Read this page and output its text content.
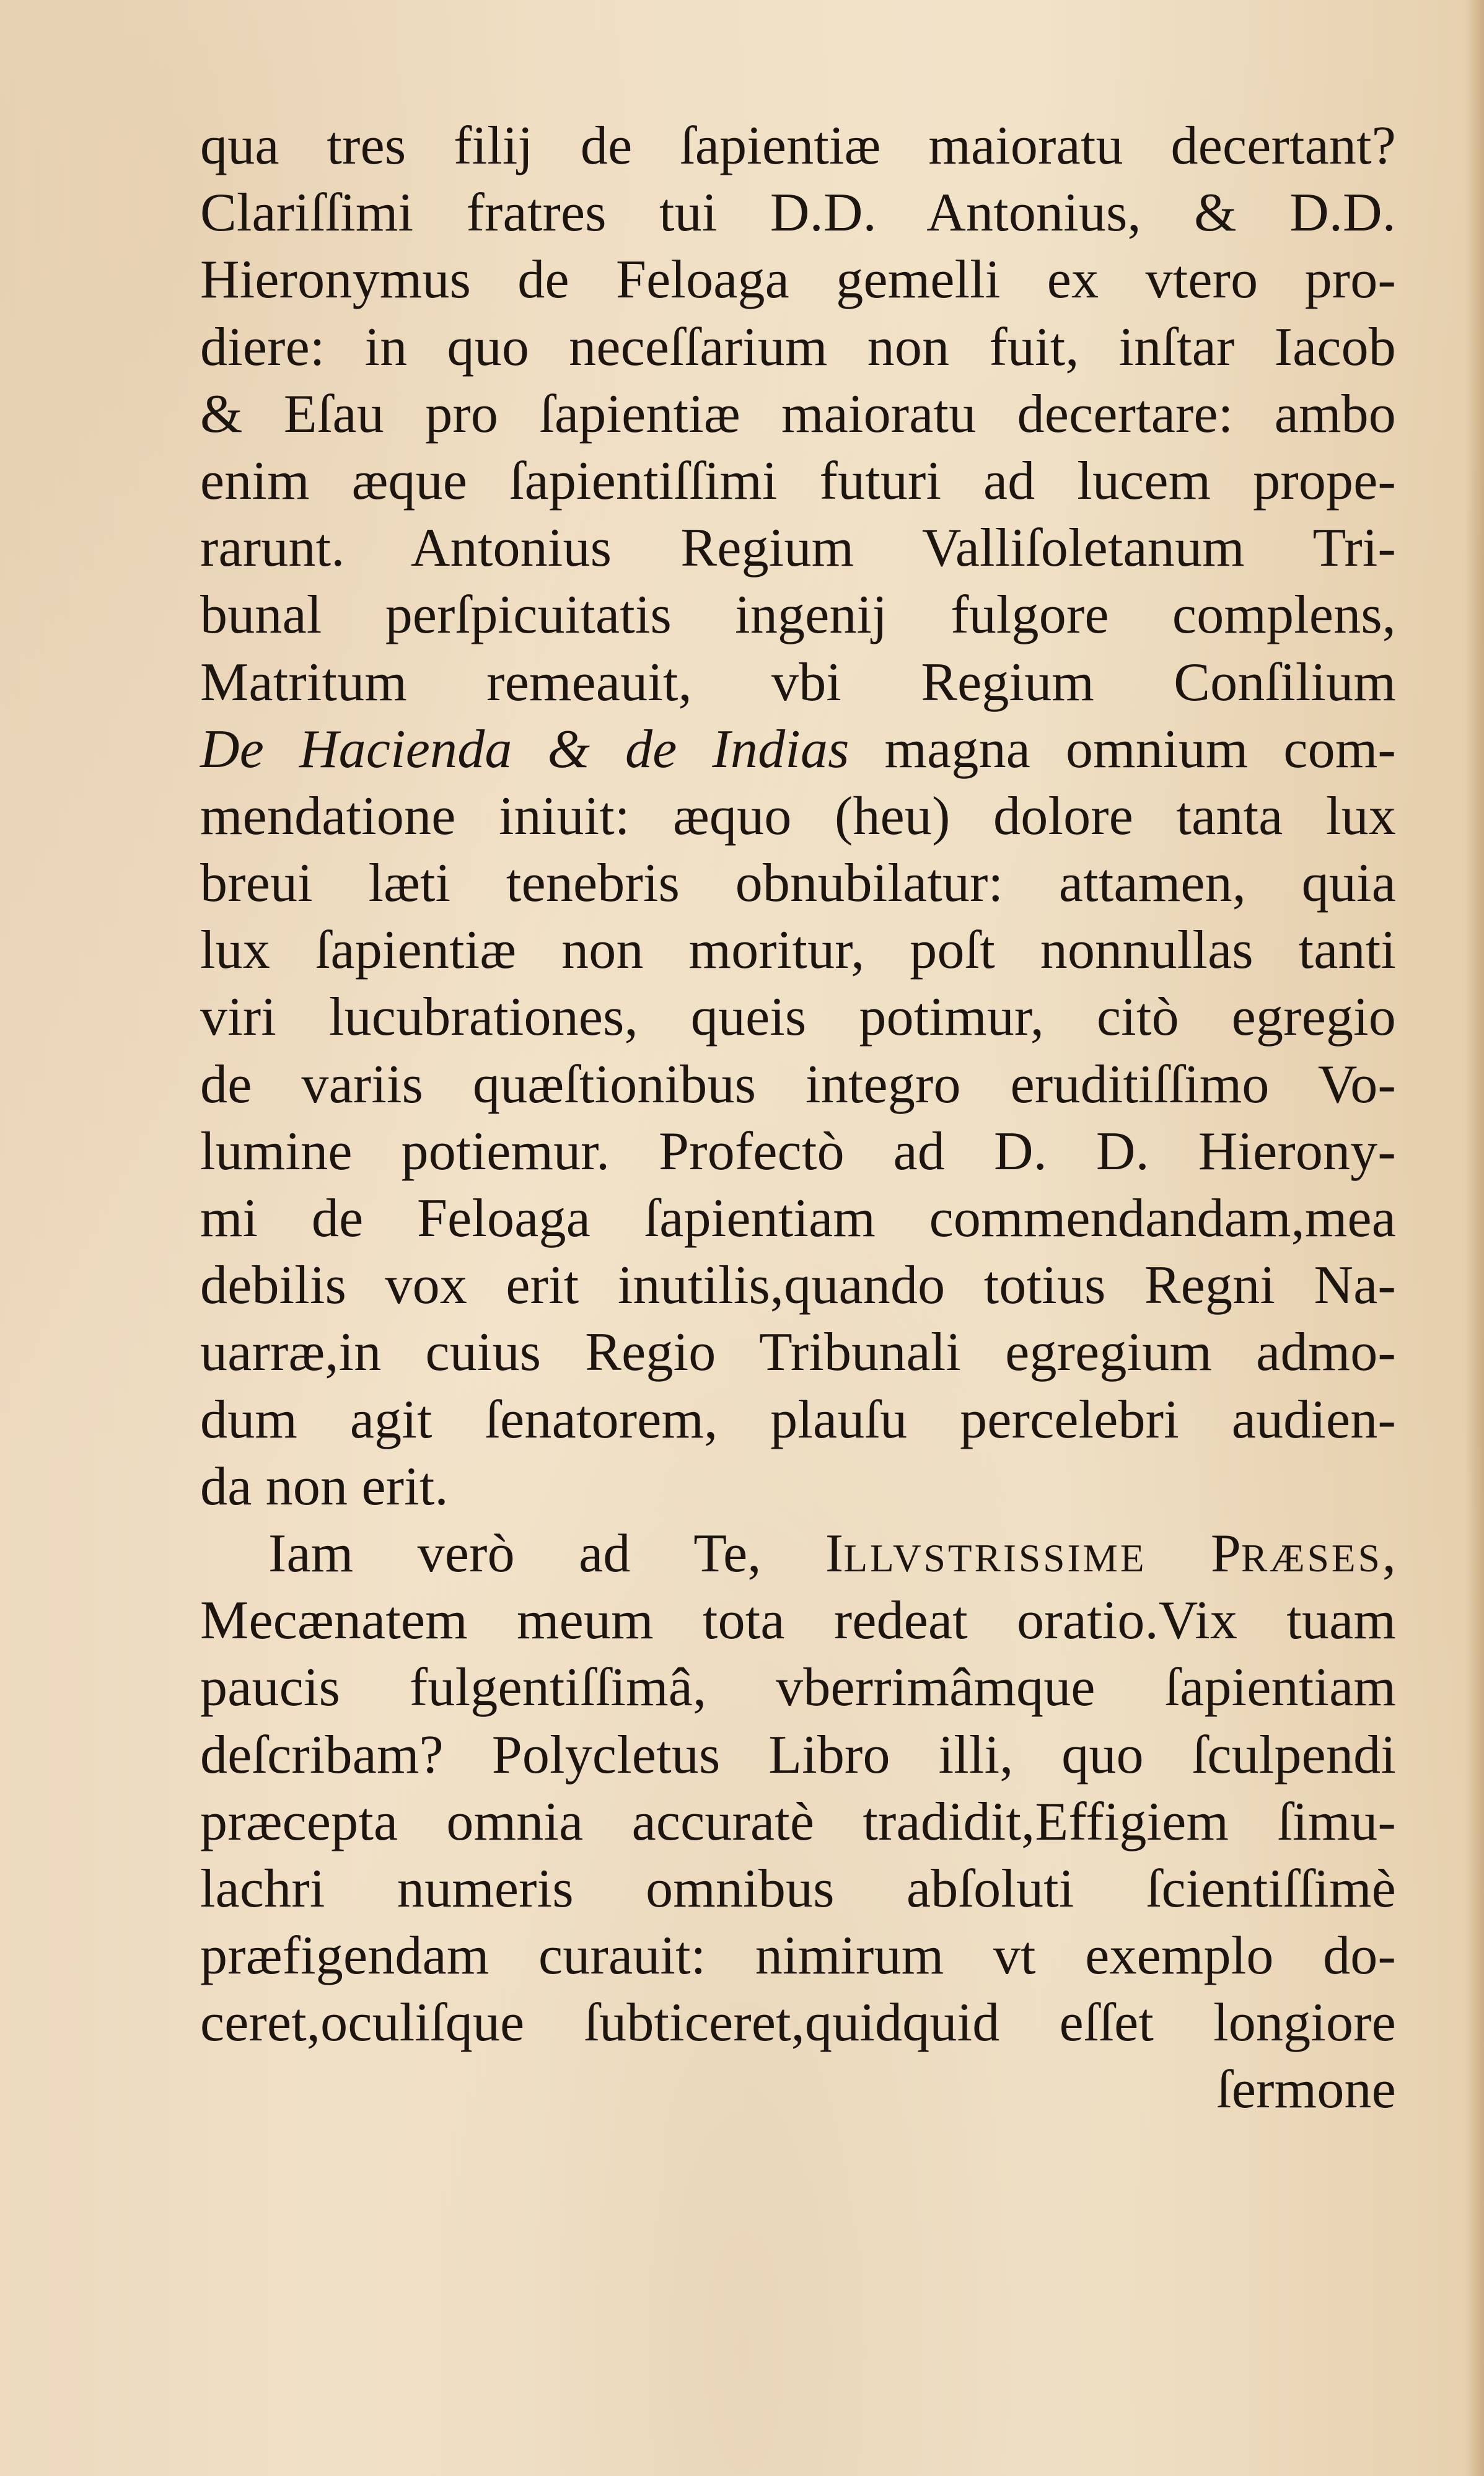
qua tres filij de ſapientiæ maioratu decertant?
Clariſſimi fratres tui D.D. Antonius, & D.D.
Hieronymus de Feloaga gemelli ex vtero pro-
diere: in quo neceſſarium non fuit, inſtar Iacob
& Eſau pro ſapientiæ maioratu decertare: ambo
enim æque ſapientiſſimi futuri ad lucem prope-
rarunt. Antonius Regium Valliſoletanum Tri-
bunal perſpicuitatis ingenij fulgore complens,
Matritum remeauit, vbi Regium Conſilium
De Hacienda & de Indias magna omnium com-
mendatione iniuit: æquo (heu) dolore tanta lux
breui læti tenebris obnubilatur: attamen, quia
lux ſapientiæ non moritur, poſt nonnullas tanti
viri lucubrationes, queis potimur, citò egregio
de variis quæſtionibus integro eruditiſſimo Vo-
lumine potiemur. Profectò ad D. D. Hierony-
mi de Feloaga ſapientiam commendandam,mea
debilis vox erit inutilis,quando totius Regni Na-
uarræ,in cuius Regio Tribunali egregium admo-
dum agit ſenatorem, plauſu percelebri audien-
da non erit.
Iam verò ad Te, ILLVSTRISSIME PRÆSES,
Mecænatem meum tota redeat oratio.Vix tuam
paucis fulgentiſſimâ, vberrimâmque ſapientiam
deſcribam? Polycletus Libro illi, quo ſculpendi
præcepta omnia accuratè tradidit,Effigiem ſimu-
lachri numeris omnibus abſoluti ſcientiſſimè
præfigendam curauit: nimirum vt exemplo do-
ceret,oculiſque ſubticeret,quidquid eſſet longiore
ſermone
